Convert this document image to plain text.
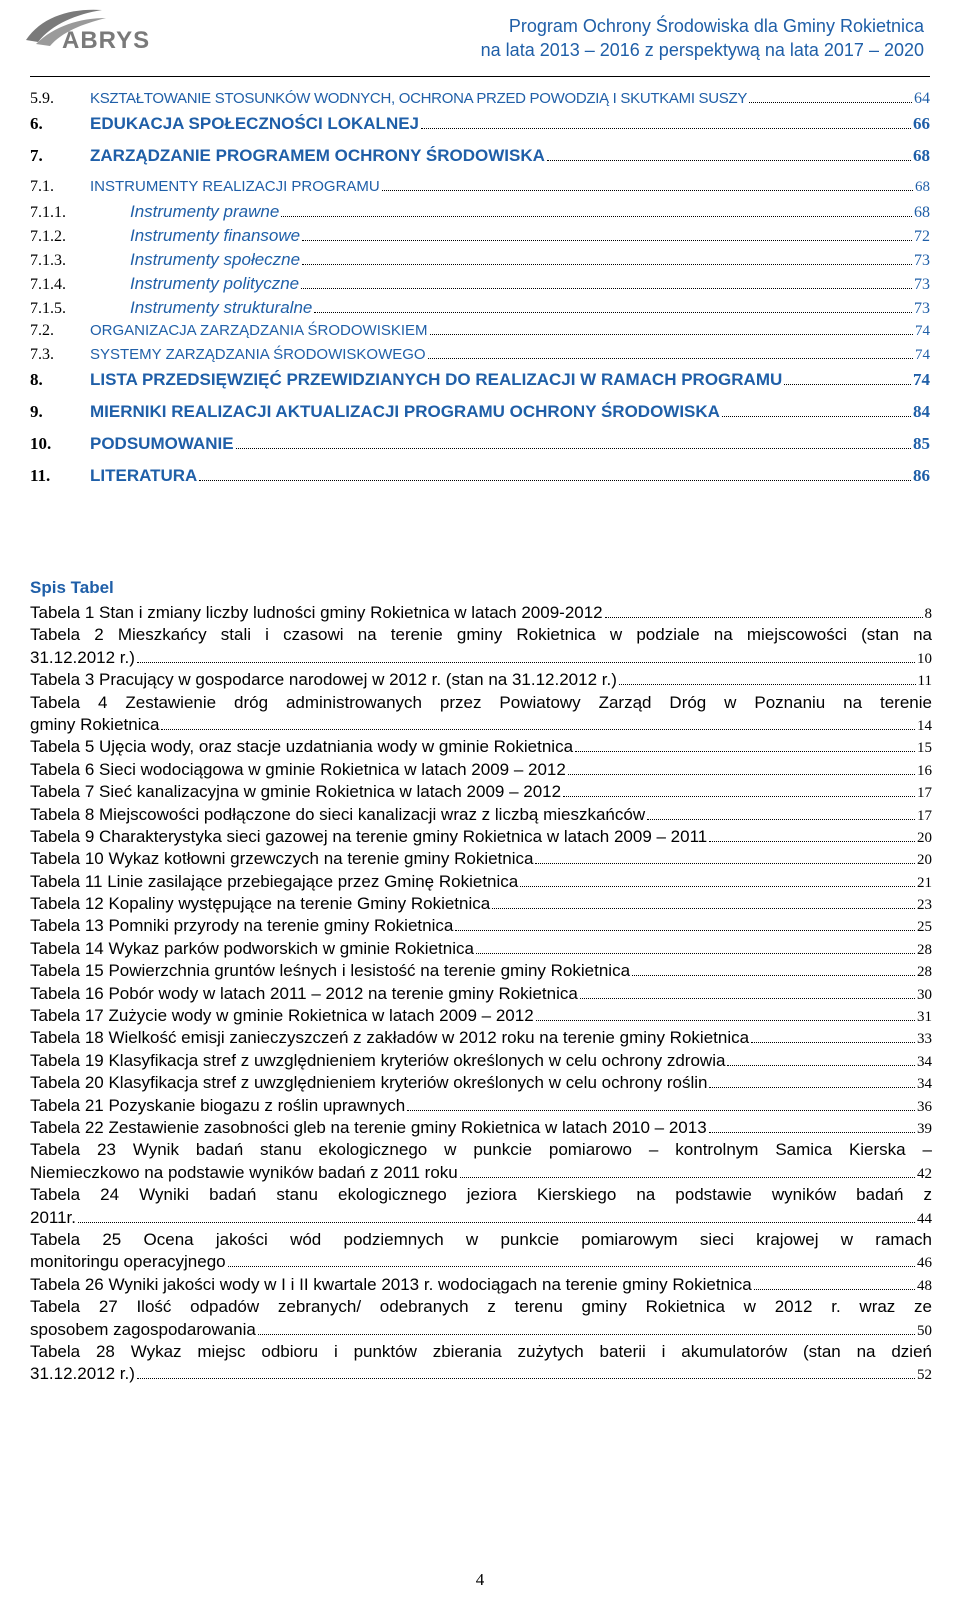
ABRYS
Program Ochrony Środowiska dla Gminy Rokietnica
na lata 2013 – 2016 z perspektywą na lata 2017 – 2020
5.9.	KSZTAŁTOWANIE STOSUNKÓW WODNYCH, OCHRONA PRZED POWODZIĄ I SKUTKAMI SUSZY	64
6.	EDUKACJA SPOŁECZNOŚCI LOKALNEJ	66
7.	ZARZĄDZANIE PROGRAMEM OCHRONY ŚRODOWISKA	68
7.1.	INSTRUMENTY REALIZACJI PROGRAMU	68
7.1.1.	Instrumenty prawne	68
7.1.2.	Instrumenty finansowe	72
7.1.3.	Instrumenty społeczne	73
7.1.4.	Instrumenty polityczne	73
7.1.5.	Instrumenty strukturalne	73
7.2.	ORGANIZACJA ZARZĄDZANIA ŚRODOWISKIEM	74
7.3.	SYSTEMY ZARZĄDZANIA ŚRODOWISKOWEGO	74
8.	LISTA PRZEDSIĘWZIĘĆ PRZEWIDZIANYCH DO REALIZACJI W RAMACH PROGRAMU	74
9.	MIERNIKI REALIZACJI AKTUALIZACJI PROGRAMU OCHRONY ŚRODOWISKA	84
10.	PODSUMOWANIE	85
11.	LITERATURA	86
Spis Tabel
Tabela 1 Stan i zmiany liczby ludności gminy Rokietnica w latach 2009-2012	8
Tabela 2 Mieszkańcy stali i czasowi na terenie gminy Rokietnica w podziale na miejscowości (stan na
31.12.2012 r.)	10
Tabela 3 Pracujący w gospodarce narodowej w 2012 r. (stan na 31.12.2012 r.)	11
Tabela 4 Zestawienie dróg administrowanych przez Powiatowy Zarząd Dróg w Poznaniu na terenie
gminy Rokietnica	14
Tabela 5 Ujęcia wody, oraz stacje uzdatniania wody w gminie Rokietnica	15
Tabela 6 Sieci wodociągowa w gminie Rokietnica w latach 2009 – 2012	16
Tabela 7 Sieć kanalizacyjna w gminie Rokietnica w latach 2009 – 2012	17
Tabela 8 Miejscowości podłączone do sieci kanalizacji wraz z liczbą mieszkańców	17
Tabela 9 Charakterystyka sieci gazowej na terenie gminy Rokietnica w latach 2009 – 2011	20
Tabela 10 Wykaz kotłowni grzewczych na terenie gminy Rokietnica	20
Tabela 11 Linie zasilające przebiegające przez Gminę Rokietnica	21
Tabela 12 Kopaliny występujące na terenie Gminy Rokietnica	23
Tabela 13 Pomniki przyrody na terenie gminy Rokietnica	25
Tabela 14 Wykaz parków podworskich w gminie Rokietnica	28
Tabela 15 Powierzchnia gruntów leśnych i lesistość na terenie gminy Rokietnica	28
Tabela 16 Pobór wody w latach 2011 – 2012 na terenie gminy Rokietnica	30
Tabela 17 Zużycie wody w gminie Rokietnica w latach 2009 – 2012	31
Tabela 18 Wielkość emisji zanieczyszczeń z zakładów w 2012 roku na terenie gminy Rokietnica	33
Tabela 19 Klasyfikacja stref z uwzględnieniem kryteriów określonych w celu ochrony zdrowia	34
Tabela 20 Klasyfikacja stref z uwzględnieniem kryteriów określonych w celu ochrony roślin	34
Tabela 21 Pozyskanie biogazu z roślin uprawnych	36
Tabela 22 Zestawienie zasobności gleb na terenie gminy Rokietnica w latach 2010 – 2013	39
Tabela 23 Wynik badań stanu ekologicznego w punkcie pomiarowo – kontrolnym Samica Kierska –
Niemieczkowo na podstawie wyników badań z 2011 roku	42
Tabela 24 Wyniki badań stanu ekologicznego jeziora Kierskiego na podstawie wyników badań z
2011r.	44
Tabela 25 Ocena jakości wód podziemnych w punkcie pomiarowym sieci krajowej w ramach
monitoringu operacyjnego	46
Tabela 26 Wyniki jakości wody w I i II kwartale 2013 r. wodociągach na terenie gminy Rokietnica	48
Tabela 27 Ilość odpadów zebranych/ odebranych z terenu gminy Rokietnica w 2012 r. wraz ze
sposobem zagospodarowania	50
Tabela 28 Wykaz miejsc odbioru i punktów zbierania zużytych baterii i akumulatorów (stan na dzień
31.12.2012 r.)	52
4
